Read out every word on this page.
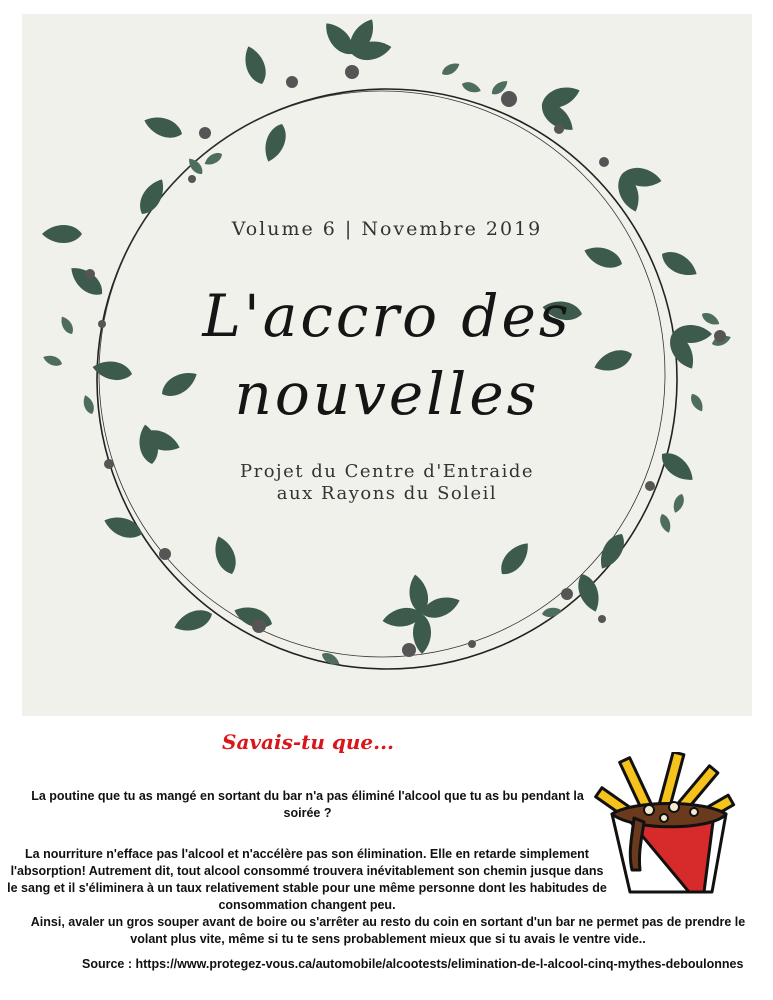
Volume 6 | Novembre 2019
L'accro des
nouvelles
Projet du Centre d'Entraide
aux Rayons du Soleil
Savais-tu que...
La poutine que tu as mangé en sortant du bar n'a pas éliminé l'alcool que tu as bu pendant la soirée ?
La nourriture n'efface pas l'alcool et n'accélère pas son élimination. Elle en retarde simplement l'absorption! Autrement dit, tout alcool consommé trouvera inévitablement son chemin jusque dans le sang et il s'éliminera à un taux relativement stable pour une même personne dont les habitudes de consommation changent peu.
Ainsi, avaler un gros souper avant de boire ou s'arrêter au resto du coin en sortant d'un bar ne permet pas de prendre le volant plus vite, même si tu te sens probablement mieux que si tu avais le ventre vide..
Source : https://www.protegez-vous.ca/automobile/alcootests/elimination-de-l-alcool-cinq-mythes-deboulonnes
